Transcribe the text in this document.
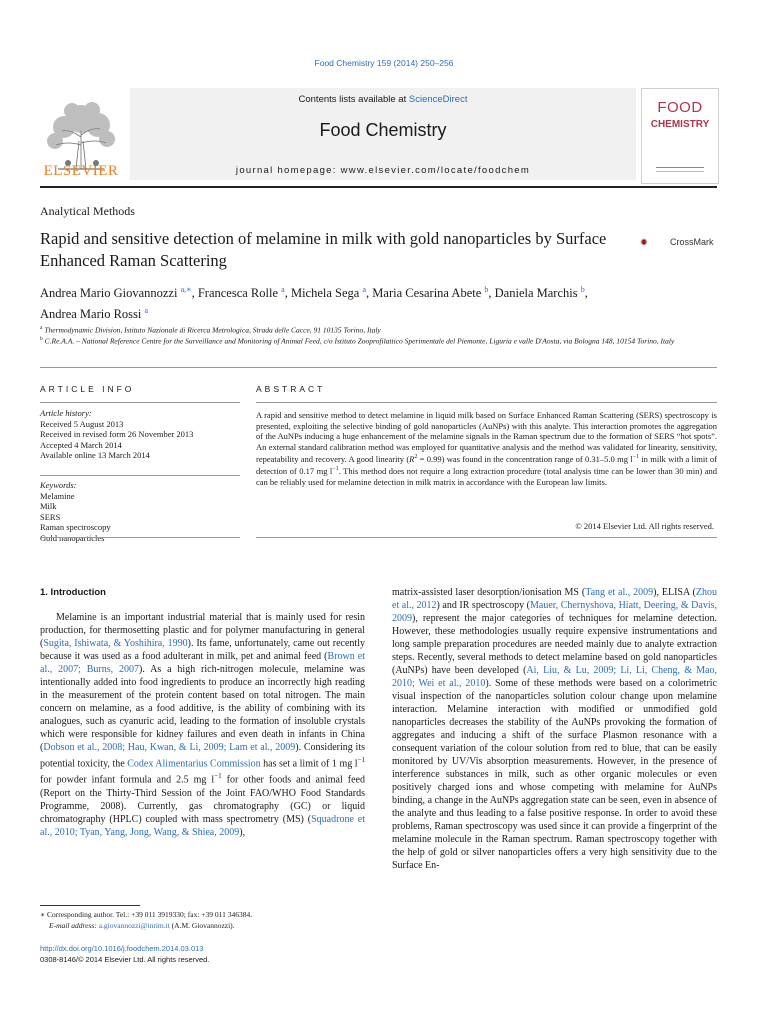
Food Chemistry 159 (2014) 250–256
Contents lists available at ScienceDirect
Food Chemistry
journal homepage: www.elsevier.com/locate/foodchem
ELSEVIER
FOOD
CHEMISTRY
Analytical Methods
Rapid and sensitive detection of melamine in milk with gold nanoparticles by Surface Enhanced Raman Scattering
CrossMark
Andrea Mario Giovannozzi $^{a,∗}$, Francesca Rolle $^a$, Michela Sega $^a$, Maria Cesarina Abete $^b$, Daniela Marchis $^b$,
Andrea Mario Rossi $^a$
$^a$ Thermodynamic Division, Istituto Nazionale di Ricerca Metrologica, Strada delle Cacce, 91 10135 Torino, Italy
$^b$ C.Re.A.A. – National Reference Centre for the Surveillance and Monitoring of Animal Feed, c/o Istituto Zooprofilattico Sperimentale del Piemonte, Liguria e valle D'Aosta, via Bologna 148, 10154 Torino, Italy
ARTICLE INFO
Article history:
Received 5 August 2013
Received in revised form 26 November 2013
Accepted 4 March 2014
Available online 13 March 2014
Keywords:
Melamine
Milk
SERS
Raman spectroscopy
ABSTRACT
A rapid and sensitive method to detect melamine in liquid milk based on Surface Enhanced Raman Scattering (SERS) spectroscopy is presented, exploiting the selective binding of gold nanoparticles (AuNPs) with this analyte. This interaction promotes the aggregation of the AuNPs inducing a huge enhancement of the melamine signals in the Raman spectrum due to the formation of SERS “hot spots”. An external standard calibration method was employed for quantitative analysis and the method was validated for linearity, sensitivity, repeatability and recovery. A good linearity $(R^2 = 0.99)$ was found in the concentration range of 0.31–5.0 mg $l^{-1}$ in milk with a limit of detection of 0.17 mg $l^{-1}$. This method does not require a long extraction procedure (total analysis time can be lower than 30 min) and can be reliably used for melamine detection in milk matrix in accordance with the European law limits.
© 2014 Elsevier Ltd. All rights reserved.
1. Introduction
Melamine is an important industrial material that is mainly used for resin production, for thermosetting plastic and for polymer manufacturing in general (Sugita, Ishiwata, & Yoshihira, 1990). Its fame, unfortunately, came out recently because it was used as a food adulterant in milk, pet and animal feed (Brown et al., 2007; Burns, 2007). As a high rich-nitrogen molecule, melamine was intentionally added into food ingredients to produce an incorrectly high reading in the measurement of the protein content based on total nitrogen. The main concern on melamine, as a food additive, is the ability of combining with its analogues, such as cyanuric acid, leading to the formation of insoluble crystals which were responsible for kidney failures and even death in infants in China (Dobson et al., 2008; Hau, Kwan, & Li, 2009; Lam et al., 2009). Considering its potential toxicity, the Codex Alimentarius Commission has set a limit of 1 mg $l^{-1}$ for powder infant formula and 2.5 mg $l^{-1}$ for other foods and animal feed (Report on the Thirty-Third Session of the Joint FAO/WHO Food Standards Programme, 2008). Currently, gas chromatography (GC) or liquid chromatography (HPLC) coupled with mass spectrometry (MS) (Squadrone et al., 2010; Tyan, Yang, Jong, Wang, & Shiea, 2009),
matrix-assisted laser desorption/ionisation MS (Tang et al., 2009), ELISA (Zhou et al., 2012) and IR spectroscopy (Mauer, Chernyshova, Hiatt, Deering, & Davis, 2009), represent the major categories of techniques for melamine detection. However, these methodologies usually require expensive instrumentations and long sample preparation procedures are needed mainly due to analyte extraction steps. Recently, several methods to detect melamine based on gold nanoparticles (AuNPs) have been developed (Ai, Liu, & Lu, 2009; Li, Li, Cheng, & Mao, 2010; Wei et al., 2010). Some of these methods were based on a colorimetric visual inspection of the nanoparticles solution colour change upon melamine interaction. Melamine interaction with modified or unmodified gold nanoparticles decreases the stability of the AuNPs provoking the formation of aggregates and inducing a shift of the surface Plasmon resonance with a consequent variation of the colour solution from red to blue, that can be easily monitored by UV/Vis absorption measurements. However, in the presence of interference substances in milk, such as other organic molecules or even positively charged ions and whose competing with melamine for AuNPs binding, a change in the AuNPs aggregation state can be seen, even in absence of the analyte and thus leading to a false positive response. In order to avoid these problems, Raman spectroscopy was used since it can provide a fingerprint of the melamine molecule in the Raman spectrum. Raman spectroscopy together with the help of gold or silver nanoparticles offers a very high sensitivity due to the Surface En-
∗ Corresponding author. Tel.: +39 011 3919330; fax: +39 011 346384.
E-mail address: a.giovannozzi@inrim.it (A.M. Giovannozzi).
http://dx.doi.org/10.1016/j.foodchem.2014.03.013
0308-8146/© 2014 Elsevier Ltd. All rights reserved.
